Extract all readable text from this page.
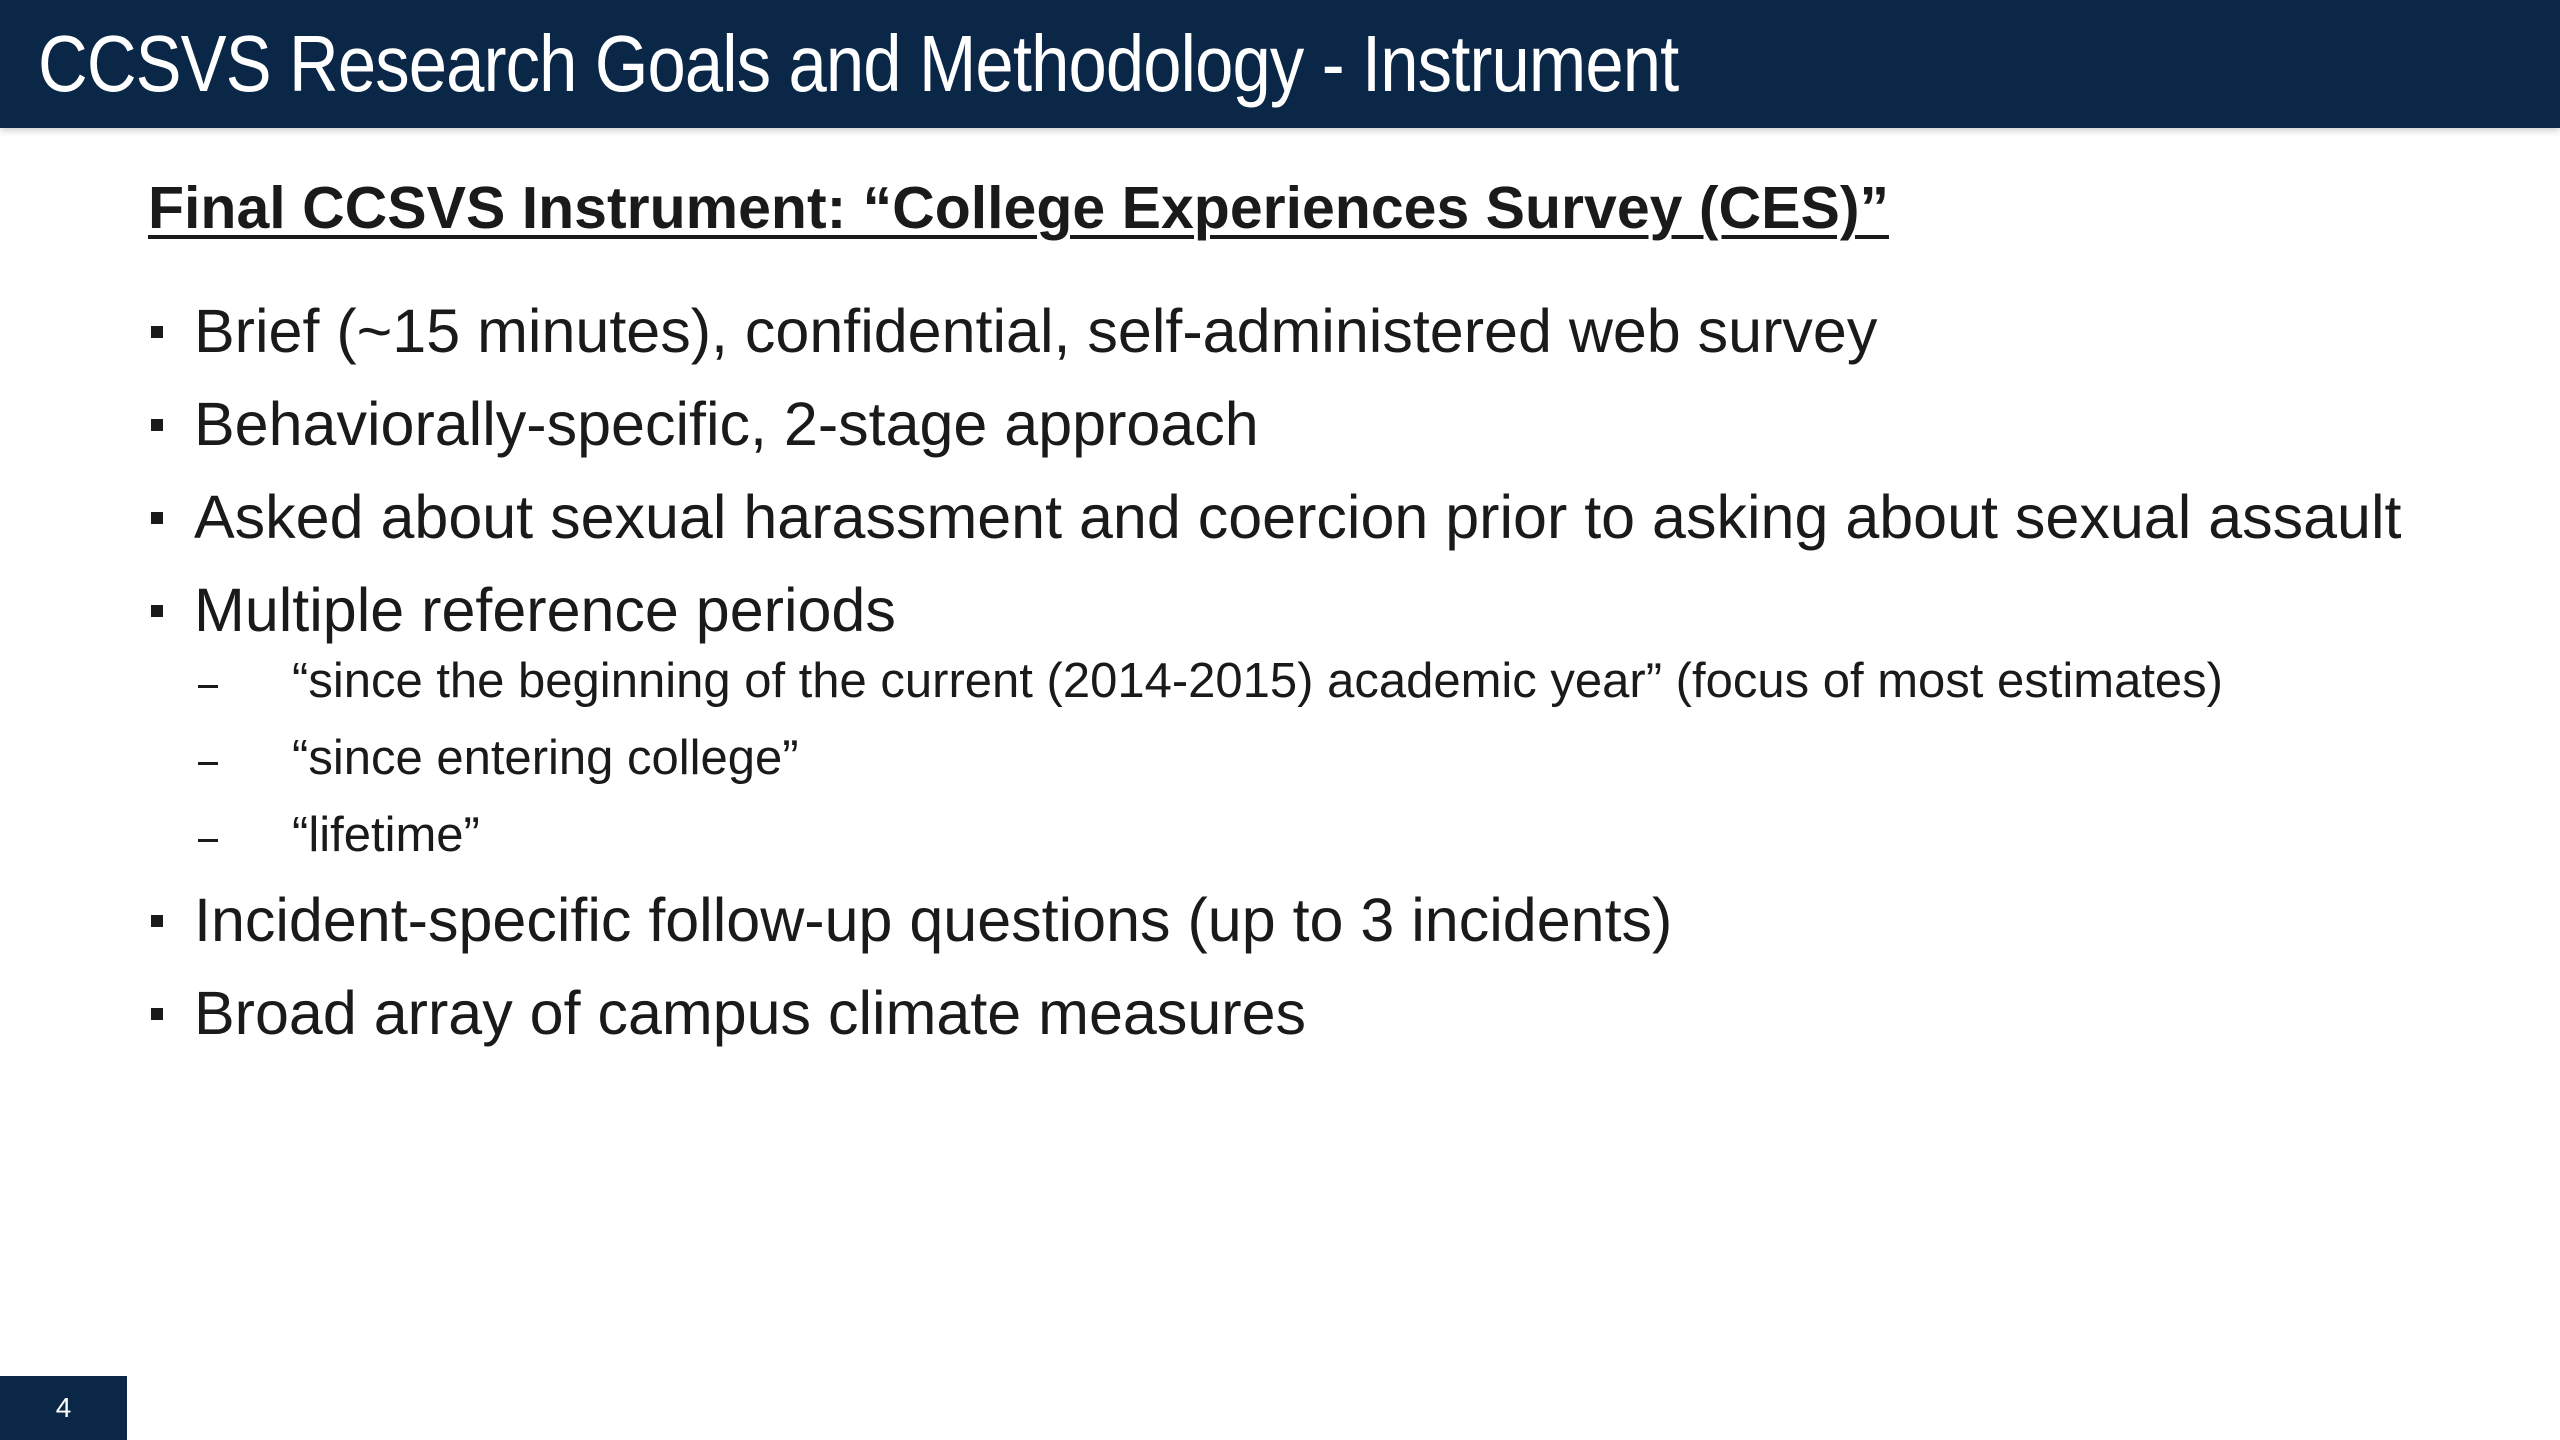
CCSVS Research Goals and Methodology - Instrument
Final CCSVS Instrument: “College Experiences Survey (CES)”
Brief (~15 minutes), confidential, self-administered web survey
Behaviorally-specific, 2-stage approach
Asked about sexual harassment and coercion prior to asking about sexual assault
Multiple reference periods
“since the beginning of the current (2014-2015) academic year” (focus of most estimates)
“since entering college”
“lifetime”
Incident-specific follow-up questions (up to 3 incidents)
Broad array of campus climate measures
4
